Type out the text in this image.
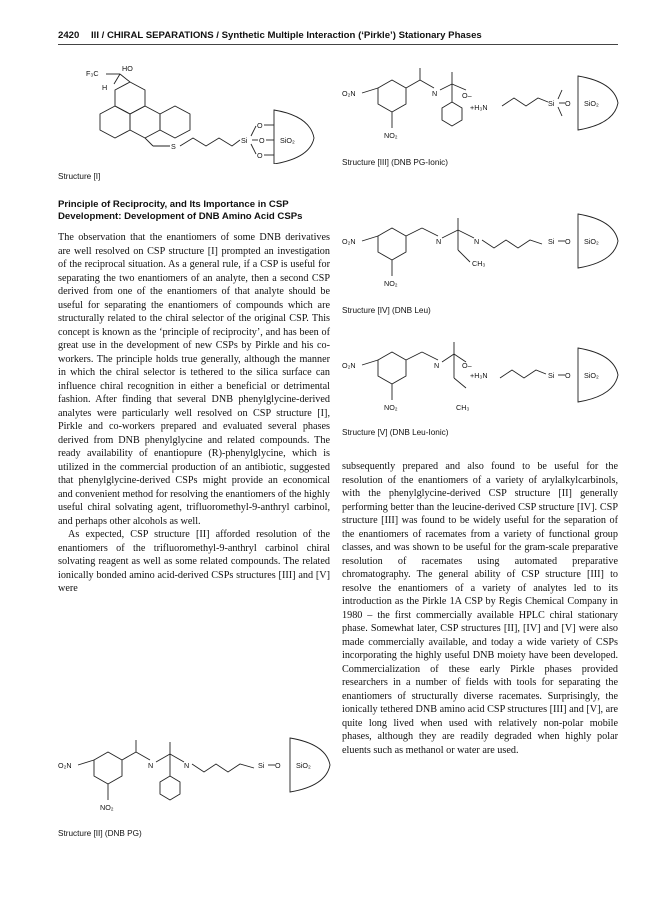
2420 III / CHIRAL SEPARATIONS / Synthetic Multiple Interaction (‘Pirkle’) Stationary Phases
F₃C
HO
H
S
Si
O
O
O
SiO₂
Structure [I]
O₂N
NO₂
N	O–
+H₃N	Si O SiO₂
Structure [III] (DNB PG-Ionic)
O₂N
NO₂
N	N
CH₃
Si O SiO₂
Structure [IV] (DNB Leu)
O₂N
NO₂
N	O–
+H₃N
CH₃
Si O SiO₂
Structure [V] (DNB Leu-Ionic)
Principle of Reciprocity, and Its Importance in CSP Development: Development of DNB Amino Acid CSPs

The observation that the enantiomers of some DNB derivatives are well resolved on CSP structure [I] prompted an investigation of the reciprocal situation. As a general rule, if a CSP is useful for separating the two enantiomers of an analyte, then a second CSP derived from one of the enantiomers of that analyte should be useful for separating the enantiomers of compounds which are structurally related to the chiral selector of the original CSP. This concept is known as the ‘principle of reciprocity’, and has been of great use in the development of new CSPs by Pirkle and his co-workers. The principle holds true generally, although the manner in which the chiral selector is tethered to the silica surface can influence chiral recognition in either a beneficial or detrimental fashion. After finding that several DNB phenylglycine-derived analytes were particularly well resolved on CSP structure [I], Pirkle and co-workers prepared and evaluated several phases derived from DNB phenylglycine and related compounds. The ready availability of enantiopure (R)-phenylglycine, which is utilized in the commercial production of an antibiotic, suggested that phenylglycine-derived CSPs might provide an economical and convenient method for resolving the enantiomers of the highly useful chiral solvating agent, trifluoromethyl-9-anthryl carbinol, and perhaps other alcohols as well.

As expected, CSP structure [II] afforded resolution of the enantiomers of the trifluoromethyl-9-anthryl carbinol chiral solvating reagent as well as some related compounds. The related ionically bonded amino acid-derived CSPs structures [III] and [V] were

O₂N
NO₂
N	N	Si O SiO₂
Structure [II] (DNB PG)

subsequently prepared and also found to be useful for the resolution of the enantiomers of a variety of arylalkylcarbinols, with the phenylglycine-derived CSP structure [II] generally performing better than the leucine-derived CSP structure [IV]. CSP structure [III] was found to be widely useful for the separation of the enantiomers of racemates from a variety of functional group classes, and was shown to be useful for the gram-scale preparative resolution of racemates using automated preparative chromatography. The general ability of CSP structure [III] to resolve the enantiomers of a variety of analytes led to its introduction as the Pirkle 1A CSP by Regis Chemical Company in 1980 – the first commercially available HPLC chiral stationary phase. Somewhat later, CSP structures [II], [IV] and [V] were also made commercially available, and today a wide variety of CSPs incorporating the highly useful DNB moiety have been developed. Commercialization of these early Pirkle phases provided researchers in a number of fields with tools for separating the enantiomers of structurally diverse racemates. Surprisingly, the ionically tethered DNB amino acid CSP structures [III] and [V], are quite long lived when used with relatively non-polar mobile phases, although they are readily degraded when highly polar eluents such as methanol or water are used.
